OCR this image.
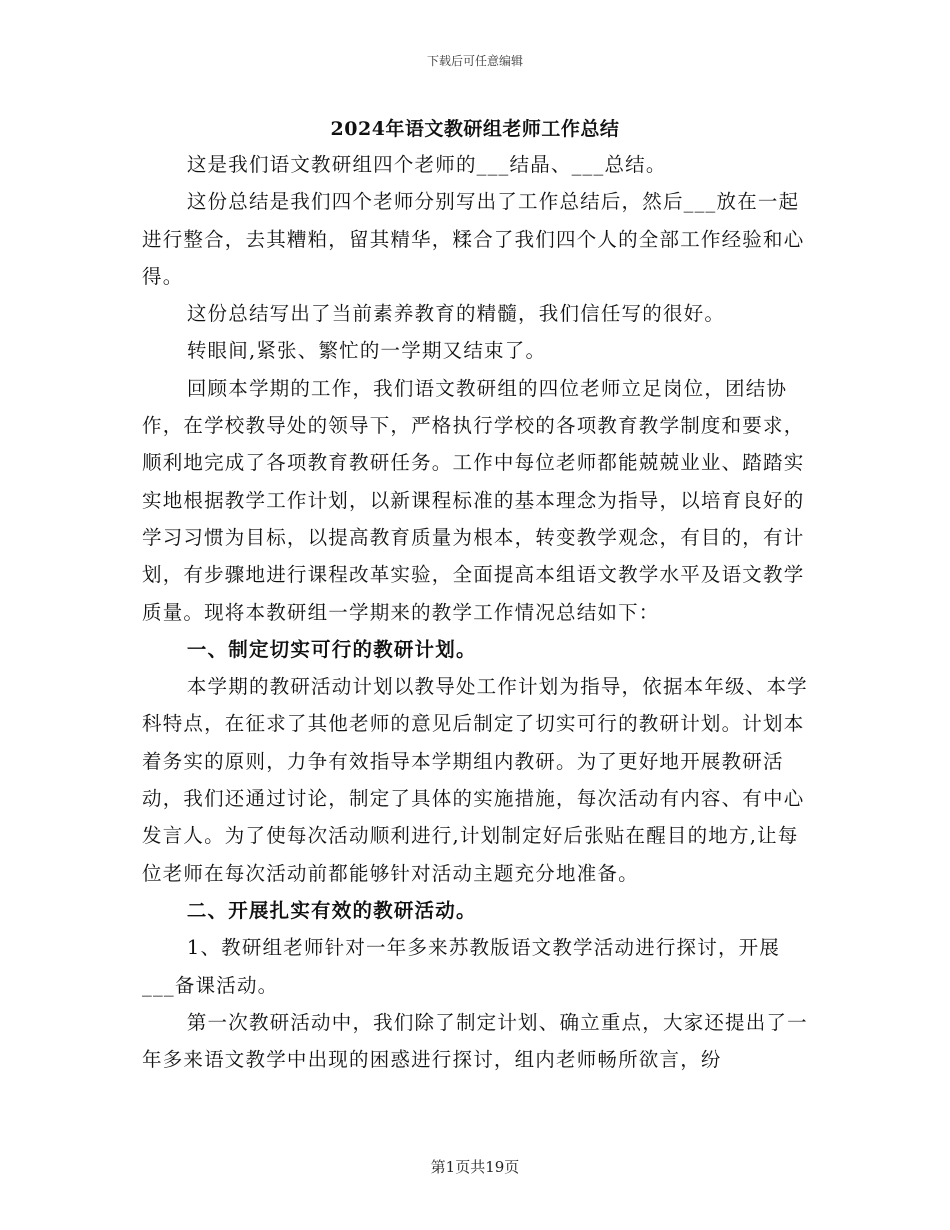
下载后可任意编辑
2024年语文教研组老师工作总结

这是我们语文教研组四个老师的___结晶、___总结。

这份总结是我们四个老师分别写出了工作总结后，然后___放在一起进行整合，去其糟粕，留其精华，糅合了我们四个人的全部工作经验和心得。

这份总结写出了当前素养教育的精髓，我们信任写的很好。

转眼间,紧张、繁忙的一学期又结束了。

回顾本学期的工作，我们语文教研组的四位老师立足岗位，团结协作，在学校教导处的领导下，严格执行学校的各项教育教学制度和要求，顺利地完成了各项教育教研任务。工作中每位老师都能兢兢业业、踏踏实实地根据教学工作计划，以新课程标准的基本理念为指导，以培育良好的学习习惯为目标，以提高教育质量为根本，转变教学观念，有目的，有计划，有步骤地进行课程改革实验，全面提高本组语文教学水平及语文教学质量。现将本教研组一学期来的教学工作情况总结如下：

一、制定切实可行的教研计划。

本学期的教研活动计划以教导处工作计划为指导，依据本年级、本学科特点，在征求了其他老师的意见后制定了切实可行的教研计划。计划本着务实的原则，力争有效指导本学期组内教研。为了更好地开展教研活动，我们还通过讨论，制定了具体的实施措施，每次活动有内容、有中心发言人。为了使每次活动顺利进行,计划制定好后张贴在醒目的地方,让每位老师在每次活动前都能够针对活动主题充分地准备。

二、开展扎实有效的教研活动。

1、教研组老师针对一年多来苏教版语文教学活动进行探讨，开展___备课活动。

第一次教研活动中，我们除了制定计划、确立重点，大家还提出了一年多来语文教学中出现的困惑进行探讨，组内老师畅所欲言，纷

第1页共19页
